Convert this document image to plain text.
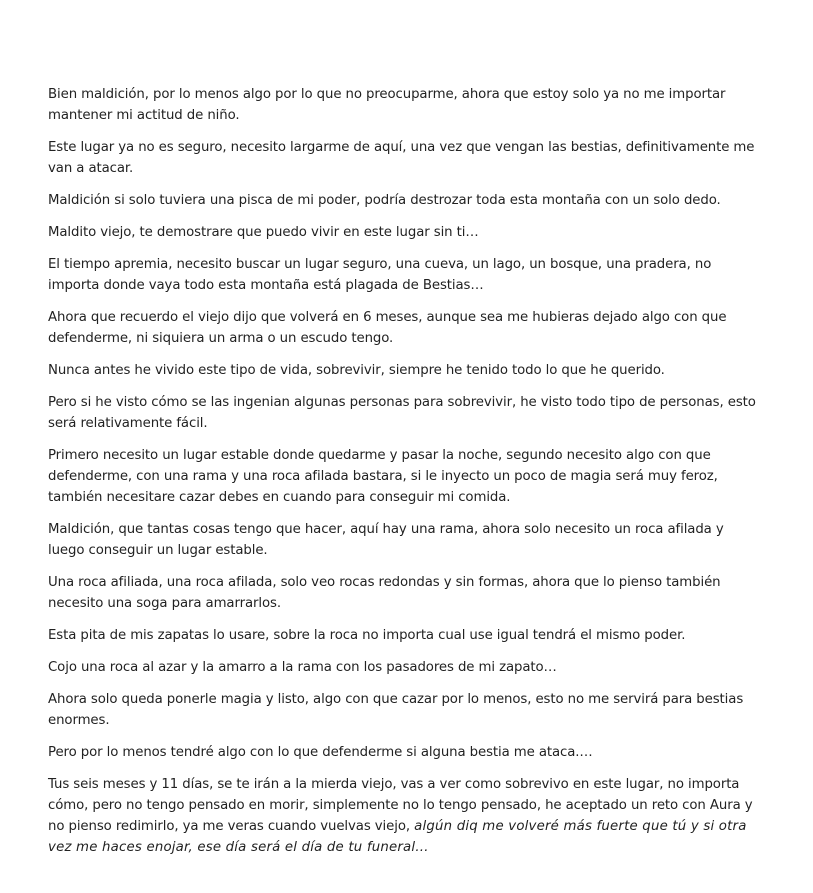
Bien maldición, por lo menos algo por lo que no preocuparme, ahora que estoy solo ya no me importar mantener mi actitud de niño.

Este lugar ya no es seguro, necesito largarme de aquí, una vez que vengan las bestias, definitivamente me van a atacar.

Maldición si solo tuviera una pisca de mi poder, podría destrozar toda esta montaña con un solo dedo.

Maldito viejo, te demostrare que puedo vivir en este lugar sin ti…

El tiempo apremia, necesito buscar un lugar seguro, una cueva, un lago, un bosque, una pradera, no importa donde vaya todo esta montaña está plagada de Bestias…

Ahora que recuerdo el viejo dijo que volverá en 6 meses, aunque sea me hubieras dejado algo con que defenderme, ni siquiera un arma o un escudo tengo.

Nunca antes he vivido este tipo de vida, sobrevivir, siempre he tenido todo lo que he querido.

Pero si he visto cómo se las ingenian algunas personas para sobrevivir, he visto todo tipo de personas, esto será relativamente fácil.

Primero necesito un lugar estable donde quedarme y pasar la noche, segundo necesito algo con que defenderme, con una rama y una roca afilada bastara, si le inyecto un poco de magia será muy feroz, también necesitare cazar debes en cuando para conseguir mi comida.

Maldición, que tantas cosas tengo que hacer, aquí hay una rama, ahora solo necesito un roca afilada y luego conseguir un lugar estable.

Una roca afiliada, una roca afilada, solo veo rocas redondas y sin formas, ahora que lo pienso también necesito una soga para amarrarlos.

Esta pita de mis zapatas lo usare, sobre la roca no importa cual use igual tendrá el mismo poder.

Cojo una roca al azar y la amarro a la rama con los pasadores de mi zapato…

Ahora solo queda ponerle magia y listo, algo con que cazar por lo menos, esto no me servirá para bestias enormes.

Pero por lo menos tendré algo con lo que defenderme si alguna bestia me ataca.…

Tus seis meses y 11 días, se te irán a la mierda viejo, vas a ver como sobrevivo en este lugar, no importa cómo, pero no tengo pensado en morir, simplemente no lo tengo pensado, he aceptado un reto con Aura y no pienso redimirlo, ya me veras cuando vuelvas viejo, algún diq me volveré más fuerte que tú y si otra vez me haces enojar, ese día será el día de tu funeral…
